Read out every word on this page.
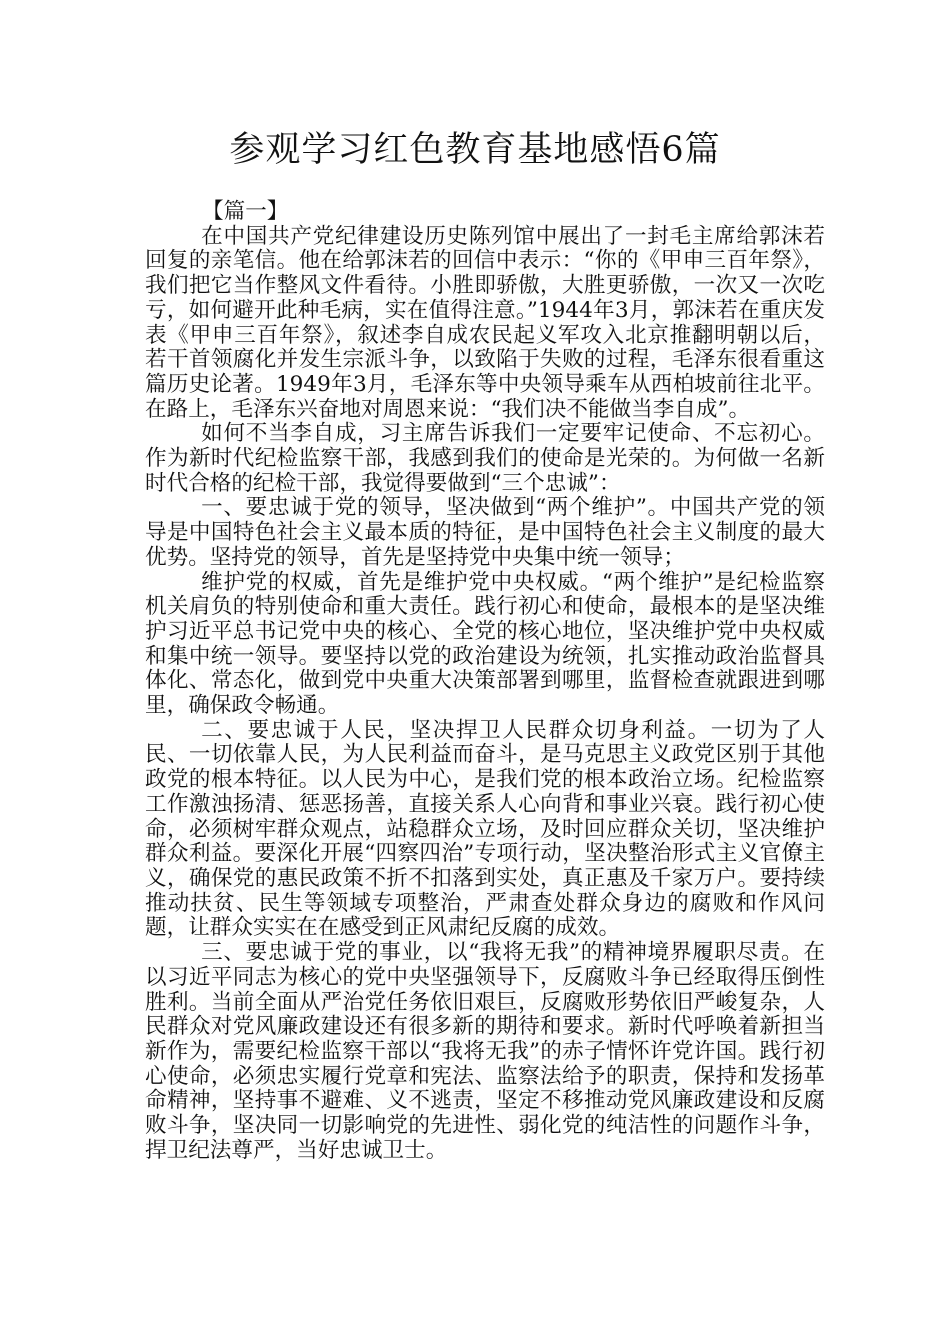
参观学习红色教育基地感悟6篇
【篇一】

在中国共产党纪律建设历史陈列馆中展出了一封毛主席给郭沫若回复的亲笔信。他在给郭沫若的回信中表示：“你的《甲申三百年祭》，我们把它当作整风文件看待。小胜即骄傲，大胜更骄傲，一次又一次吃亏，如何避开此种毛病，实在值得注意。”1944年3月，郭沫若在重庆发表《甲申三百年祭》，叙述李自成农民起义军攻入北京推翻明朝以后，若干首领腐化并发生宗派斗争，以致陷于失败的过程，毛泽东很看重这篇历史论著。1949年3月，毛泽东等中央领导乘车从西柏坡前往北平。在路上，毛泽东兴奋地对周恩来说：“我们决不能做当李自成”。

如何不当李自成，习主席告诉我们一定要牢记使命、不忘初心。作为新时代纪检监察干部，我感到我们的使命是光荣的。为何做一名新时代合格的纪检干部，我觉得要做到“三个忠诚”：

一、要忠诚于党的领导，坚决做到“两个维护”。中国共产党的领导是中国特色社会主义最本质的特征，是中国特色社会主义制度的最大优势。坚持党的领导，首先是坚持党中央集中统一领导；

维护党的权威，首先是维护党中央权威。“两个维护”是纪检监察机关肩负的特别使命和重大责任。践行初心和使命，最根本的是坚决维护习近平总书记党中央的核心、全党的核心地位，坚决维护党中央权威和集中统一领导。要坚持以党的政治建设为统领，扎实推动政治监督具体化、常态化，做到党中央重大决策部署到哪里，监督检查就跟进到哪里，确保政令畅通。

二、要忠诚于人民，坚决捍卫人民群众切身利益。一切为了人民、一切依靠人民，为人民利益而奋斗，是马克思主义政党区别于其他政党的根本特征。以人民为中心，是我们党的根本政治立场。纪检监察工作激浊扬清、惩恶扬善，直接关系人心向背和事业兴衰。践行初心使命，必须树牢群众观点，站稳群众立场，及时回应群众关切，坚决维护群众利益。要深化开展“四察四治”专项行动，坚决整治形式主义官僚主义，确保党的惠民政策不折不扣落到实处，真正惠及千家万户。要持续推动扶贫、民生等领域专项整治，严肃查处群众身边的腐败和作风问题，让群众实实在在感受到正风肃纪反腐的成效。

三、要忠诚于党的事业，以“我将无我”的精神境界履职尽责。在以习近平同志为核心的党中央坚强领导下，反腐败斗争已经取得压倒性胜利。当前全面从严治党任务依旧艰巨，反腐败形势依旧严峻复杂，人民群众对党风廉政建设还有很多新的期待和要求。新时代呼唤着新担当新作为，需要纪检监察干部以“我将无我”的赤子情怀许党许国。践行初心使命，必须忠实履行党章和宪法、监察法给予的职责，保持和发扬革命精神，坚持事不避难、义不逃责，坚定不移推动党风廉政建设和反腐败斗争，坚决同一切影响党的先进性、弱化党的纯洁性的问题作斗争，捍卫纪法尊严，当好忠诚卫士。
